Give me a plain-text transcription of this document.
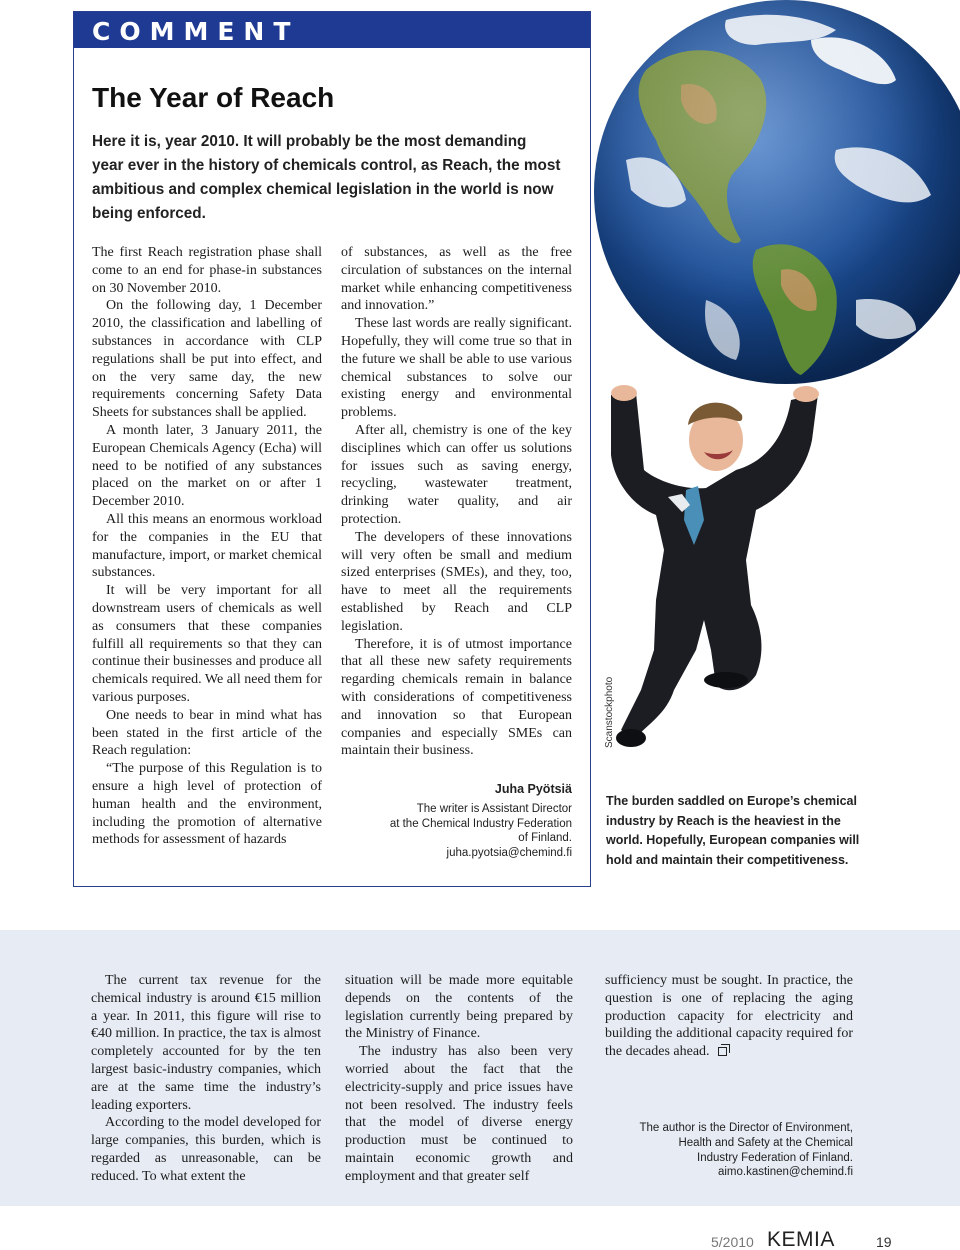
COMMENT
The Year of Reach
Here it is, year 2010. It will probably be the most demanding year ever in the history of chemicals control, as Reach, the most ambitious and complex chemical legislation in the world is now being enforced.

The first Reach registration phase shall come to an end for phase-in substances on 30 November 2010.

On the following day, 1 December 2010, the classification and labelling of substances in accordance with CLP regulations shall be put into effect, and on the very same day, the new requirements concerning Safety Data Sheets for substances shall be applied.

A month later, 3 January 2011, the European Chemicals Agency (Echa) will need to be notified of any substances placed on the market on or after 1 December 2010.

All this means an enormous workload for the companies in the EU that manufacture, import, or market chemical substances.

It will be very important for all downstream users of chemicals as well as consumers that these companies fulfill all requirements so that they can continue their businesses and produce all chemicals required. We all need them for various purposes.

One needs to bear in mind what has been stated in the first article of the Reach regulation:

“The purpose of this Regulation is to ensure a high level of protection of human health and the environment, including the promotion of alternative methods for assessment of hazards

of substances, as well as the free circulation of substances on the internal market while enhancing competitiveness and innovation.”

These last words are really significant. Hopefully, they will come true so that in the future we shall be able to use various chemical substances to solve our existing energy and environmental problems.

After all, chemistry is one of the key disciplines which can offer us solutions for issues such as saving energy, recycling, wastewater treatment, drinking water quality, and air protection.

The developers of these innovations will very often be small and medium sized enterprises (SMEs), and they, too, have to meet all the requirements established by Reach and CLP legislation.

Therefore, it is of utmost importance that all these new safety requirements regarding chemicals remain in balance with considerations of competitiveness and innovation so that European companies and especially SMEs can maintain their business.

Juha Pyötsiä
The writer is Assistant Director
at the Chemical Industry Federation
of Finland.
juha.pyotsia@chemind.fi
Scanstockphoto
The burden saddled on Europe’s chemical industry by Reach is the heaviest in the world. Hopefully, European companies will hold and maintain their competitiveness.

The current tax revenue for the chemical industry is around €15 million a year. In 2011, this figure will rise to €40 million. In practice, the tax is almost completely accounted for by the ten largest basic-industry companies, which are at the same time the industry’s leading exporters.

According to the model developed for large companies, this burden, which is regarded as unreasonable, can be reduced. To what extent the

situation will be made more equitable depends on the contents of the legislation currently being prepared by the Ministry of Finance.

The industry has also been very worried about the fact that the electricity-supply and price issues have not been resolved. The industry feels that the model of diverse energy production must be continued to maintain economic growth and employment and that greater self

sufficiency must be sought. In practice, the question is one of replacing the aging production capacity for electricity and building the additional capacity required for the decades ahead.

The author is the Director of Environment,
Health and Safety at the Chemical
Industry Federation of Finland.
aimo.kastinen@chemind.fi
5/2010 KEMIA	19
